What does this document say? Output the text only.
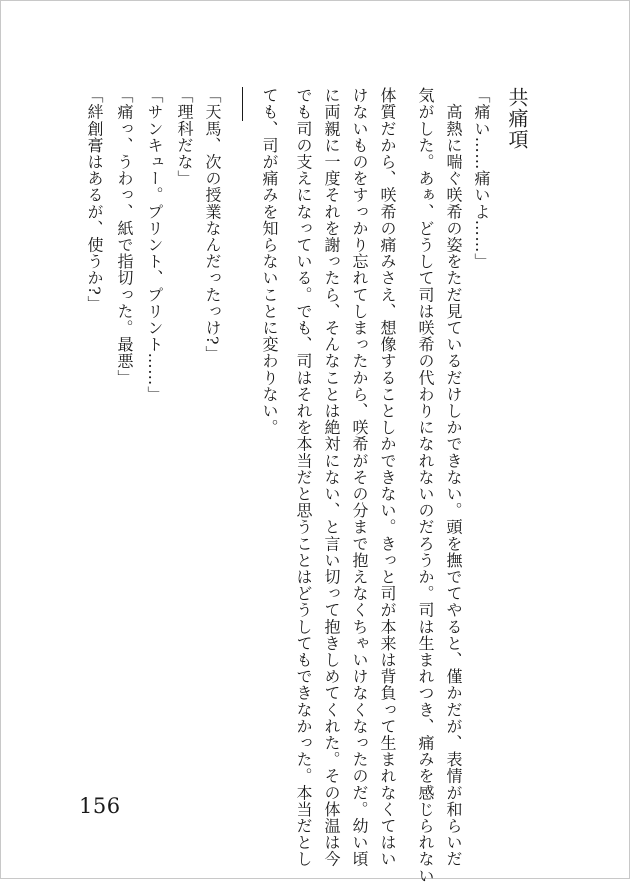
共痛項
「痛い……痛いよ……」
　高熱に喘ぐ咲希の姿をただ見ているだけしかできない。頭を撫でてやると、僅かだが、表情が和らいだ
気がした。あぁ、どうして司は咲希の代わりになれないのだろうか。司は生まれつき、痛みを感じられない
体質だから、咲希の痛みさえ、想像することしかできない。きっと司が本来は背負って生まれなくてはい
けないものをすっかり忘れてしまったから、咲希がその分まで抱えなくちゃいけなくなったのだ。幼い頃
に両親に一度それを謝ったら、そんなことは絶対にない、と言い切って抱きしめてくれた。その体温は今
でも司の支えになっている。でも、司はそれを本当だと思うことはどうしてもできなかった。本当だとし
ても、司が痛みを知らないことに変わりない。
「天馬、次の授業なんだったっけ?」
「理科だな」
「サンキュー。プリント、プリント……」
「痛っ、うわっ、紙で指切った。最悪」
「絆創膏はあるが、使うか?」
156
